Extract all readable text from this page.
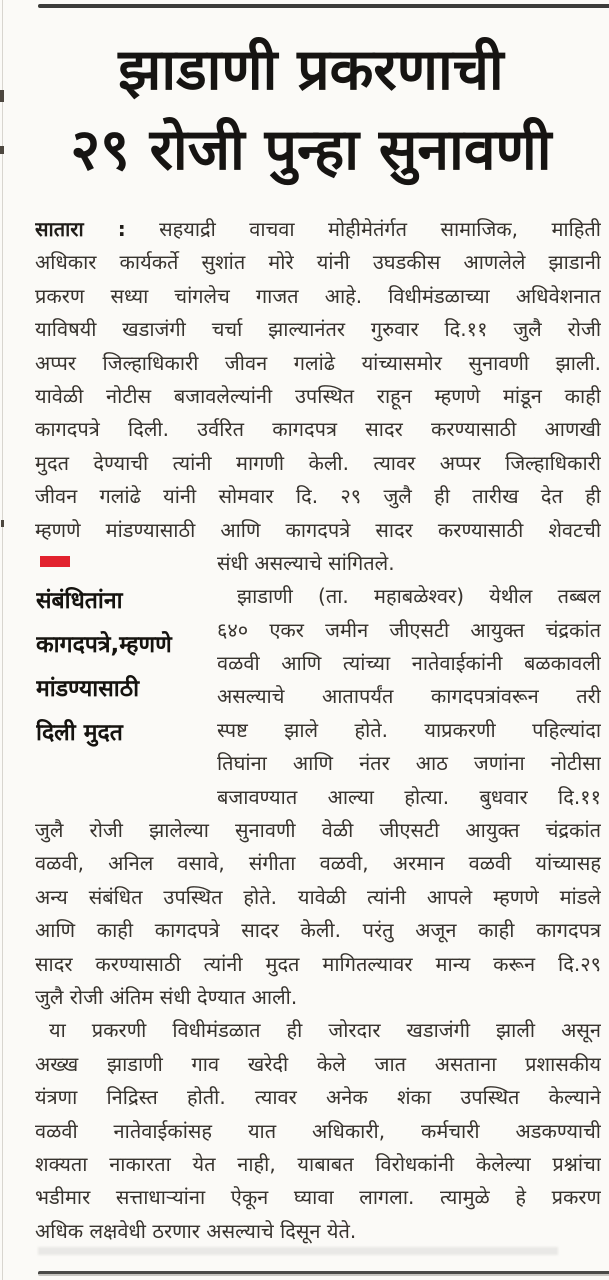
झाडाणी प्रकरणाची
२९ रोजी पुन्हा सुनावणी
संबंधितांना
कागदपत्रे,म्हणणे
मांडण्यासाठी
दिली मुदत
सातारा : सहयाद्री वाचवा मोहीमेतंर्गत सामाजिक, माहिती
अधिकार कार्यकर्ते सुशांत मोरे यांनी उघडकीस आणलेले झाडानी
प्रकरण सध्या चांगलेच गाजत आहे. विधीमंडळाच्या अधिवेशनात
याविषयी खडाजंगी चर्चा झाल्यानंतर गुरुवार दि.११ जुलै रोजी
अप्पर जिल्हाधिकारी जीवन गलांढे यांच्यासमोर सुनावणी झाली.
यावेळी नोटीस बजावलेल्यांनी उपस्थित राहून म्हणणे मांडून काही
कागदपत्रे दिली. उर्वरित कागदपत्र सादर करण्यासाठी आणखी
मुदत देण्याची त्यांनी मागणी केली. त्यावर अप्पर जिल्हाधिकारी
जीवन गलांढे यांनी सोमवार दि. २९ जुलै ही तारीख देत ही
म्हणणे मांडण्यासाठी आणि कागदपत्रे सादर करण्यासाठी शेवटची
संधी असल्याचे सांगितले.
झाडाणी (ता. महाबळेश्वर) येथील तब्बल
६४० एकर जमीन जीएसटी आयुक्त चंद्रकांत
वळवी आणि त्यांच्या नातेवाईकांनी बळकावली
असल्याचे आतापर्यंत कागदपत्रांवरून तरी
स्पष्ट झाले होते. याप्रकरणी पहिल्यांदा
तिघांना आणि नंतर आठ जणांना नोटीसा
बजावण्यात आल्या होत्या. बुधवार दि.११
जुलै रोजी झालेल्या सुनावणी वेळी जीएसटी आयुक्त चंद्रकांत
वळवी, अनिल वसावे, संगीता वळवी, अरमान वळवी यांच्यासह
अन्य संबंधित उपस्थित होते. यावेळी त्यांनी आपले म्हणणे मांडले
आणि काही कागदपत्रे सादर केली. परंतु अजून काही कागदपत्र
सादर करण्यासाठी त्यांनी मुदत मागितल्यावर मान्य करून दि.२९
जुलै रोजी अंतिम संधी देण्यात आली.
या प्रकरणी विधीमंडळात ही जोरदार खडाजंगी झाली असून
अख्ख झाडाणी गाव खरेदी केले जात असताना प्रशासकीय
यंत्रणा निद्रिस्त होती. त्यावर अनेक शंका उपस्थित केल्याने
वळवी नातेवाईकांसह यात अधिकारी, कर्मचारी अडकण्याची
शक्यता नाकारता येत नाही, याबाबत विरोधकांनी केलेल्या प्रश्नांचा
भडीमार सत्ताधाऱ्यांना ऐकून घ्यावा लागला. त्यामुळे हे प्रकरण
अधिक लक्षवेधी ठरणार असल्याचे दिसून येते.
